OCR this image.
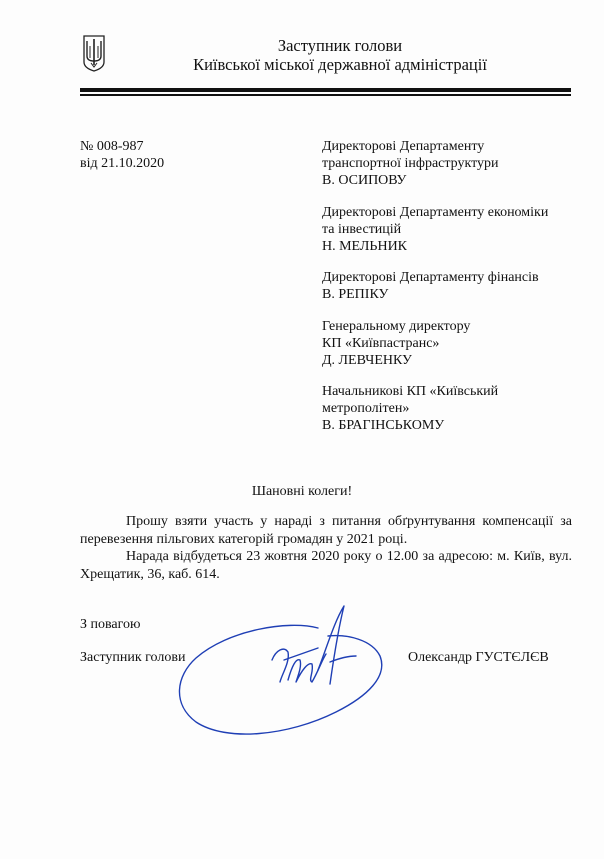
Заступник голови
Київської міської державної адміністрації
№ 008-987
від 21.10.2020
Директорові Департаменту
транспортної інфраструктури
В. ОСИПОВУ
Директорові Департаменту економіки
та інвестицій
Н. МЕЛЬНИК
Директорові Департаменту фінансів
В. РЕПІКУ
Генеральному директору
КП «Київпастранс»
Д. ЛЕВЧЕНКУ
Начальникові КП «Київський
метрополітен»
В. БРАГІНСЬКОМУ
Шановні колеги!

Прошу взяти участь у нараді з питання обґрунтування компенсації за перевезення пільгових категорій громадян у 2021 році.

Нарада відбудеться 23 жовтня 2020 року о 12.00 за адресою: м. Київ, вул. Хрещатик, 36, каб. 614.

З повагою
Заступник голови	Олександр ГУСТЄЛЄВ
